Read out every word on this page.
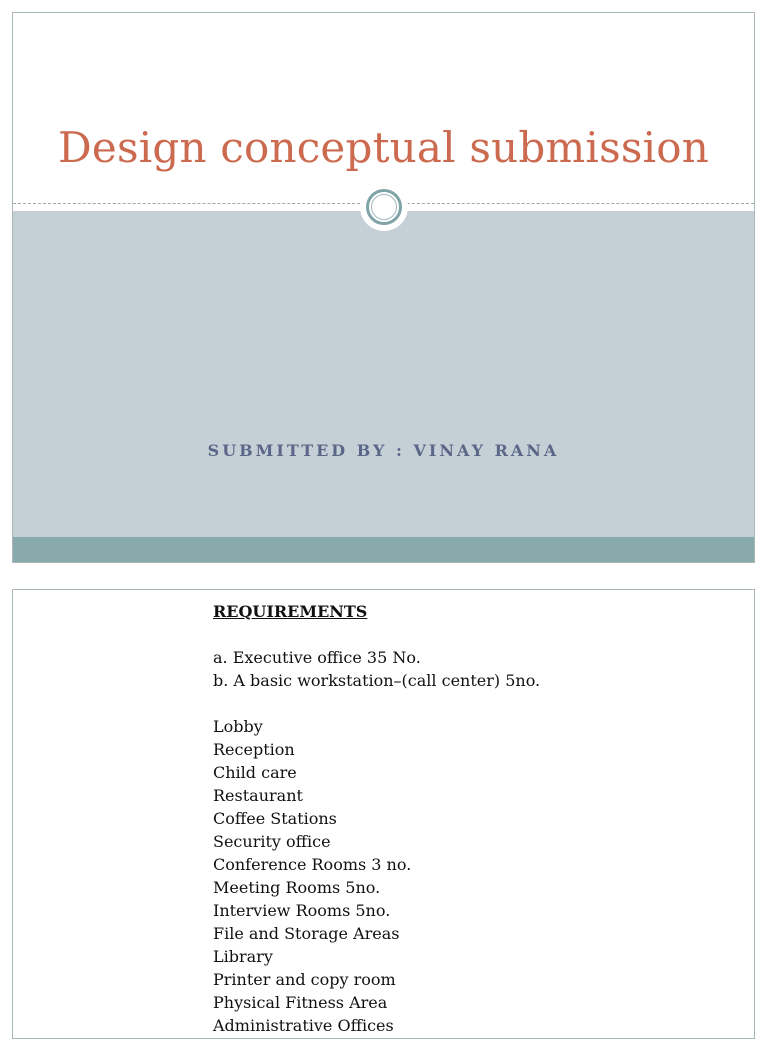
Design conceptual submission
SUBMITTED BY : VINAY RANA
REQUIREMENTS
a. Executive office 35 No.
b. A basic workstation–(call center) 5no.
Lobby
Reception
Child care
Restaurant
Coffee Stations
Security office
Conference Rooms 3 no.
Meeting Rooms 5no.
Interview Rooms 5no.
File and Storage Areas
Library
Printer and copy room
Physical Fitness Area
Administrative Offices
